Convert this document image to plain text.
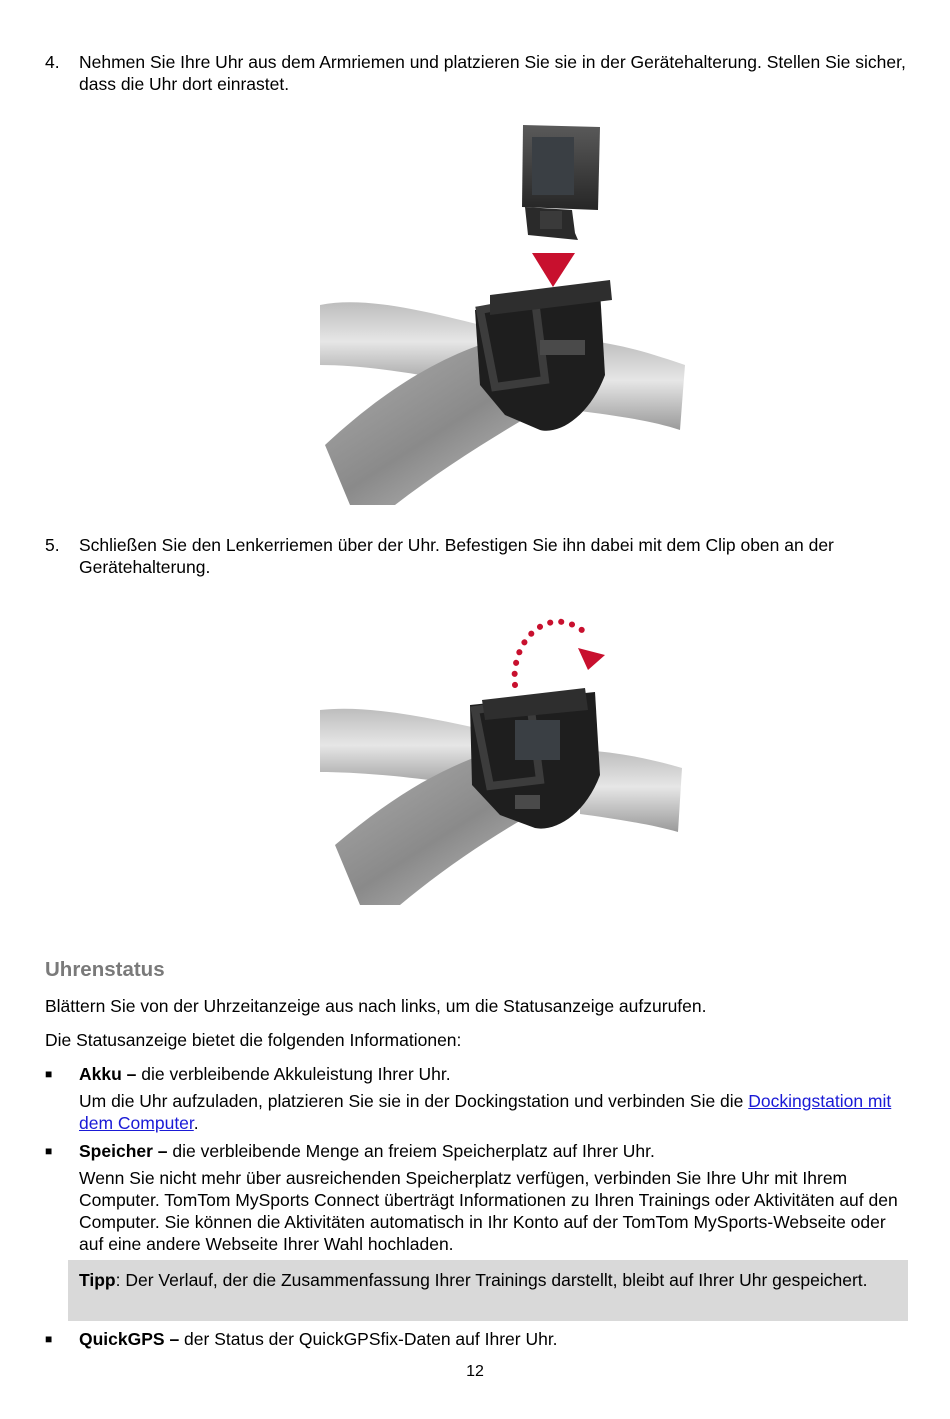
4.	Nehmen Sie Ihre Uhr aus dem Armriemen und platzieren Sie sie in der Gerätehalterung. Stellen Sie sicher, dass die Uhr dort einrastet.
5.	Schließen Sie den Lenkerriemen über der Uhr. Befestigen Sie ihn dabei mit dem Clip oben an der Gerätehalterung.
Uhrenstatus
Blättern Sie von der Uhrzeitanzeige aus nach links, um die Statusanzeige aufzurufen.
Die Statusanzeige bietet die folgenden Informationen:
■ Akku – die verbleibende Akkuleistung Ihrer Uhr.
Um die Uhr aufzuladen, platzieren Sie sie in der Dockingstation und verbinden Sie die Dockingstation mit dem Computer.
■ Speicher – die verbleibende Menge an freiem Speicherplatz auf Ihrer Uhr.
Wenn Sie nicht mehr über ausreichenden Speicherplatz verfügen, verbinden Sie Ihre Uhr mit Ihrem Computer. TomTom MySports Connect überträgt Informationen zu Ihren Trainings oder Aktivitäten auf den Computer. Sie können die Aktivitäten automatisch in Ihr Konto auf der TomTom MySports-Webseite oder auf eine andere Webseite Ihrer Wahl hochladen.
Tipp: Der Verlauf, der die Zusammenfassung Ihrer Trainings darstellt, bleibt auf Ihrer Uhr gespeichert.
■ QuickGPS – der Status der QuickGPSfix-Daten auf Ihrer Uhr.
12
